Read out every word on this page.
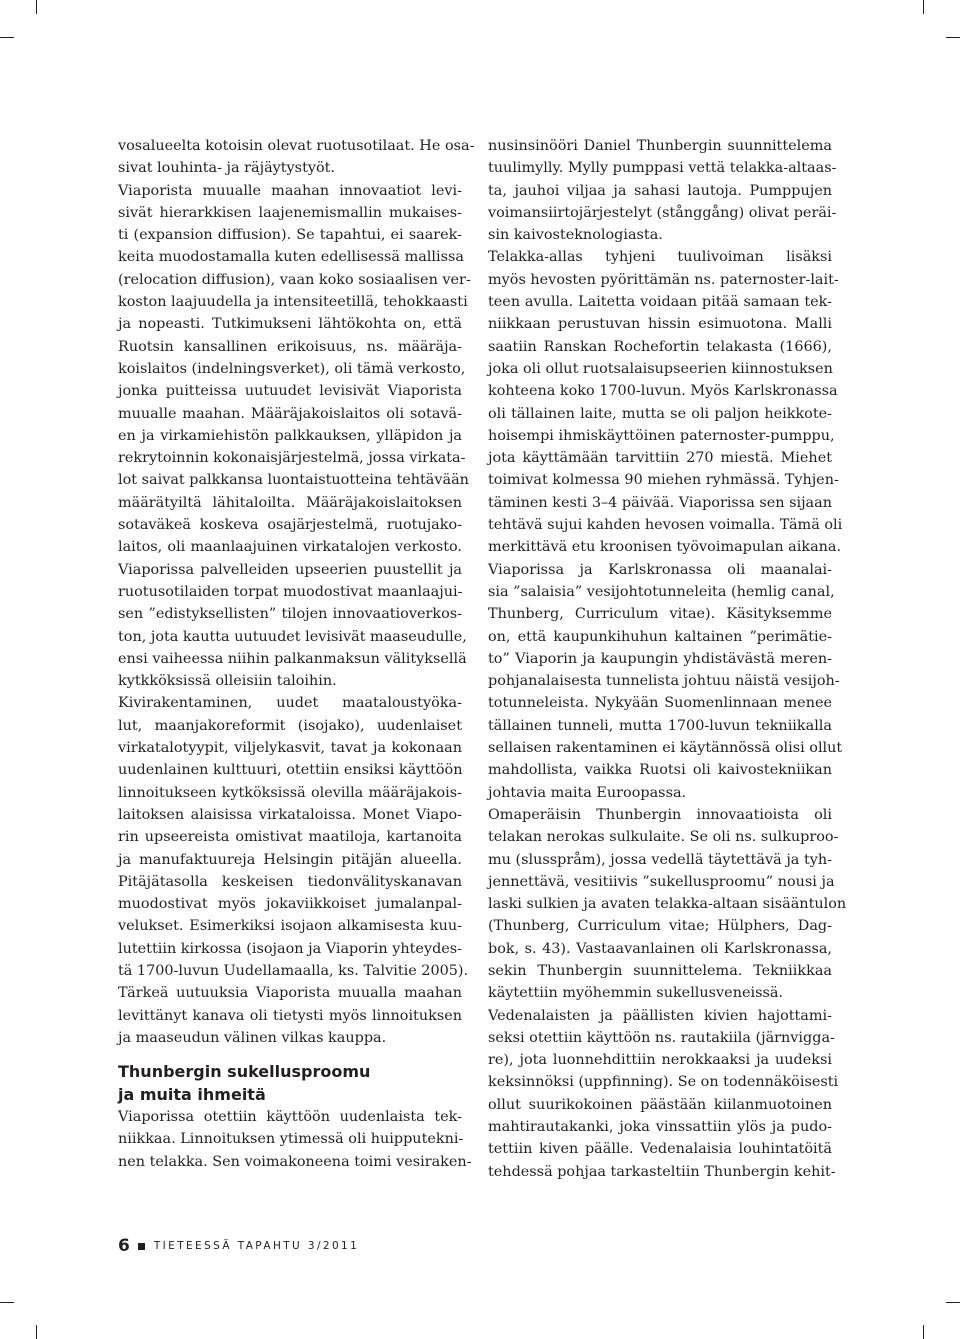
vosalueelta kotoisin olevat ruotusotilaat. He osa-
sivat louhinta- ja räjäytystyöt.
Viaporista muualle maahan innovaatiot levi-
sivät hierarkkisen laajenemismallin mukaises-
ti (expansion diffusion). Se tapahtui, ei saarek-
keita muodostamalla kuten edellisessä mallissa
(relocation diffusion), vaan koko sosiaalisen ver-
koston laajuudella ja intensiteetillä, tehokkaasti
ja nopeasti. Tutkimukseni lähtökohta on, että
Ruotsin kansallinen erikoisuus, ns. määräja-
koislaitos (indelningsverket), oli tämä verkosto,
jonka puitteissa uutuudet levisivät Viaporista
muualle maahan. Määräjakoislaitos oli sotavä-
en ja virkamiehistön palkkauksen, ylläpidon ja
rekrytoinnin kokonaisjärjestelmä, jossa virkata-
lot saivat palkkansa luontaistuotteina tehtävään
määrätyiltä lähitaloilta. Määräjakoislaitoksen
sotaväkeä koskeva osajärjestelmä, ruotujako-
laitos, oli maanlaajuinen virkatalojen verkosto.
Viaporissa palvelleiden upseerien puustellit ja
ruotusotilaiden torpat muodostivat maanlaajui-
sen ”edistyksellisten” tilojen innovaatioverkos-
ton, jota kautta uutuudet levisivät maaseudulle,
ensi vaiheessa niihin palkanmaksun välityksellä
kytkköksissä olleisiin taloihin.
Kivirakentaminen, uudet maataloustyöka-
lut, maanjakoreformit (isojako), uudenlaiset
virkatalotyypit, viljelykasvit, tavat ja kokonaan
uudenlainen kulttuuri, otettiin ensiksi käyttöön
linnoitukseen kytköksissä olevilla määräjakois-
laitoksen alaisissa virkataloissa. Monet Viapo-
rin upseereista omistivat maatiloja, kartanoita
ja manufaktuureja Helsingin pitäjän alueella.
Pitäjätasolla keskeisen tiedonvälityskanavan
muodostivat myös jokaviikkoiset jumalanpal-
velukset. Esimerkiksi isojaon alkamisesta kuu-
lutettiin kirkossa (isojaon ja Viaporin yhteydes-
tä 1700-luvun Uudellamaalla, ks. Talvitie 2005).
Tärkeä uutuuksia Viaporista muualla maahan
levittänyt kanava oli tietysti myös linnoituksen
ja maaseudun välinen vilkas kauppa.
Thunbergin sukellusproomu
ja muita ihmeitä
Viaporissa otettiin käyttöön uudenlaista tek-
niikkaa. Linnoituksen ytimessä oli huipputekni-
nen telakka. Sen voimakoneena toimi vesiraken-
nusinsinööri Daniel Thunbergin suunnittelema
tuulimylly. Mylly pumppasi vettä telakka-altaas-
ta, jauhoi viljaa ja sahasi lautoja. Pumppujen
voimansiirtojärjestelyt (stånggång) olivat peräi-
sin kaivosteknologiasta.
Telakka-allas tyhjeni tuulivoiman lisäksi
myös hevosten pyörittämän ns. paternoster-lait-
teen avulla. Laitetta voidaan pitää samaan tek-
niikkaan perustuvan hissin esimuotona. Malli
saatiin Ranskan Rochefortin telakasta (1666),
joka oli ollut ruotsalaisupseerien kiinnostuksen
kohteena koko 1700-luvun. Myös Karlskronassa
oli tällainen laite, mutta se oli paljon heikkote-
hoisempi ihmiskäyttöinen paternoster-pumppu,
jota käyttämään tarvittiin 270 miestä. Miehet
toimivat kolmessa 90 miehen ryhmässä. Tyhjen-
täminen kesti 3–4 päivää. Viaporissa sen sijaan
tehtävä sujui kahden hevosen voimalla. Tämä oli
merkittävä etu kroonisen työvoimapulan aikana.
Viaporissa ja Karlskronassa oli maanalai-
sia ”salaisia” vesijohtotunneleita (hemlig canal,
Thunberg, Curriculum vitae). Käsityksemme
on, että kaupunkihuhun kaltainen ”perimätie-
to” Viaporin ja kaupungin yhdistävästä meren-
pohjanalaisesta tunnelista johtuu näistä vesijoh-
totunneleista. Nykyään Suomenlinnaan menee
tällainen tunneli, mutta 1700-luvun tekniikalla
sellaisen rakentaminen ei käytännössä olisi ollut
mahdollista, vaikka Ruotsi oli kaivostekniikan
johtavia maita Euroopassa.
Omaperäisin Thunbergin innovaatioista oli
telakan nerokas sulkulaite. Se oli ns. sulkuproo-
mu (slusspråm), jossa vedellä täytettävä ja tyh-
jennettävä, vesitiivis ”sukellusproomu” nousi ja
laski sulkien ja avaten telakka-altaan sisääntulon
(Thunberg, Curriculum vitae; Hülphers, Dag-
bok, s. 43). Vastaavanlainen oli Karlskronassa,
sekin Thunbergin suunnittelema. Tekniikkaa
käytettiin myöhemmin sukellusveneissä.
Vedenalaisten ja päällisten kivien hajottami-
seksi otettiin käyttöön ns. rautakiila (järnvigga-
re), jota luonnehdittiin nerokkaaksi ja uudeksi
keksinnöksi (uppfinning). Se on todennäköisesti
ollut suurikokoinen päästään kiilanmuotoinen
mahtirautakanki, joka vinssattiin ylös ja pudo-
tettiin kiven päälle. Vedenalaisia louhintatöitä
tehdessä pohjaa tarkasteltiin Thunbergin kehit-
6 TIETEESSÄ TAPAHTU 3/2011
